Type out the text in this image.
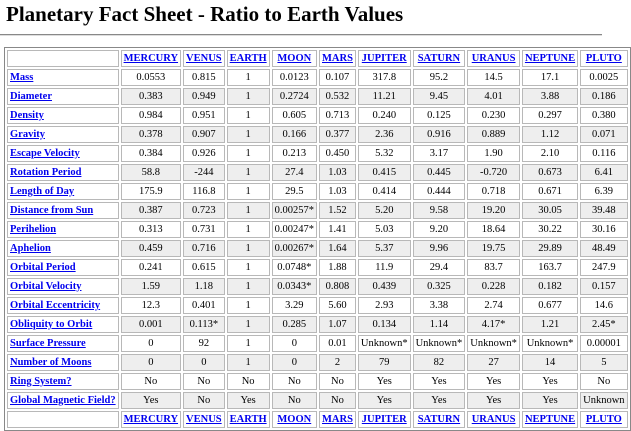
Planetary Fact Sheet - Ratio to Earth Values
	MERCURY	VENUS	EARTH	MOON	MARS	JUPITER	SATURN	URANUS	NEPTUNE	PLUTO
Mass	0.0553	0.815	1	0.0123	0.107	317.8	95.2	14.5	17.1	0.0025
Diameter	0.383	0.949	1	0.2724	0.532	11.21	9.45	4.01	3.88	0.186
Density	0.984	0.951	1	0.605	0.713	0.240	0.125	0.230	0.297	0.380
Gravity	0.378	0.907	1	0.166	0.377	2.36	0.916	0.889	1.12	0.071
Escape Velocity	0.384	0.926	1	0.213	0.450	5.32	3.17	1.90	2.10	0.116
Rotation Period	58.8	-244	1	27.4	1.03	0.415	0.445	-0.720	0.673	6.41
Length of Day	175.9	116.8	1	29.5	1.03	0.414	0.444	0.718	0.671	6.39
Distance from Sun	0.387	0.723	1	0.00257*	1.52	5.20	9.58	19.20	30.05	39.48
Perihelion	0.313	0.731	1	0.00247*	1.41	5.03	9.20	18.64	30.22	30.16
Aphelion	0.459	0.716	1	0.00267*	1.64	5.37	9.96	19.75	29.89	48.49
Orbital Period	0.241	0.615	1	0.0748*	1.88	11.9	29.4	83.7	163.7	247.9
Orbital Velocity	1.59	1.18	1	0.0343*	0.808	0.439	0.325	0.228	0.182	0.157
Orbital Eccentricity	12.3	0.401	1	3.29	5.60	2.93	3.38	2.74	0.677	14.6
Obliquity to Orbit	0.001	0.113*	1	0.285	1.07	0.134	1.14	4.17*	1.21	2.45*
Surface Pressure	0	92	1	0	0.01	Unknown*	Unknown*	Unknown*	Unknown*	0.00001
Number of Moons	0	0	1	0	2	79	82	27	14	5
Ring System?	No	No	No	No	No	Yes	Yes	Yes	Yes	No
Global Magnetic Field?	Yes	No	Yes	No	No	Yes	Yes	Yes	Yes	Unknown
	MERCURY	VENUS	EARTH	MOON	MARS	JUPITER	SATURN	URANUS	NEPTUNE	PLUTO
